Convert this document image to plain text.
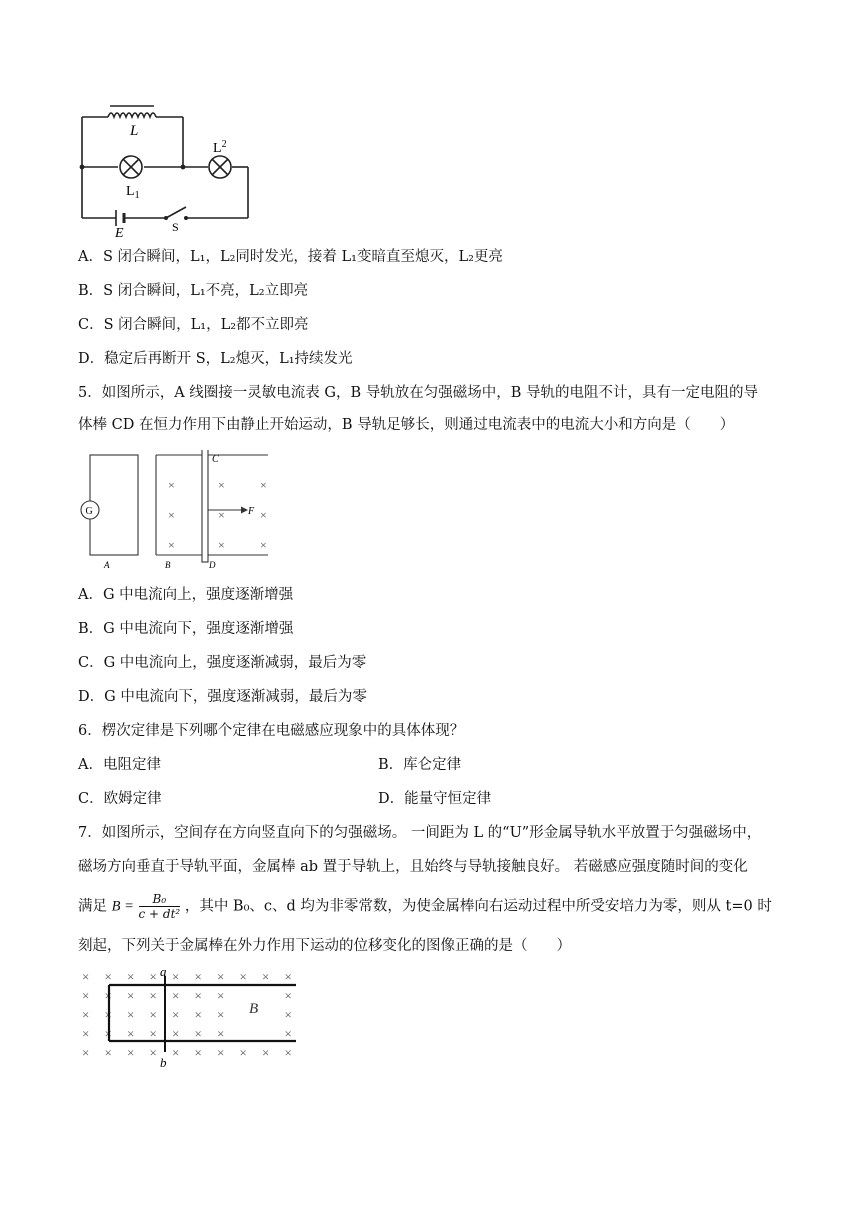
L
$L_1$
$L^2$
E	S
A．S 闭合瞬间，L₁，L₂同时发光，接着 L₁变暗直至熄灭，L₂更亮
B．S 闭合瞬间，L₁不亮，L₂立即亮
C．S 闭合瞬间，L₁，L₂都不立即亮
D．稳定后再断开 S，L₂熄灭，L₁持续发光
5．如图所示，A 线圈接一灵敏电流表 G，B 导轨放在匀强磁场中，B 导轨的电阻不计，具有一定电阻的导
体棒 CD 在恒力作用下由静止开始运动，B 导轨足够长，则通过电流表中的电流大小和方向是（　　）
G
×	×	×
×	×	×
×	×	×
C
F
A	B	D
A．G 中电流向上，强度逐渐增强
B．G 中电流向下，强度逐渐增强
C．G 中电流向上，强度逐渐减弱，最后为零
D．G 中电流向下，强度逐渐减弱，最后为零
6．楞次定律是下列哪个定律在电磁感应现象中的具体体现？
A．电阻定律	B．库仑定律
C．欧姆定律	D．能量守恒定律
7．如图所示，空间存在方向竖直向下的匀强磁场。 一间距为 L 的“U”形金属导轨水平放置于匀强磁场中，
磁场方向垂直于导轨平面，金属棒 ab 置于导轨上，且始终与导轨接触良好。 若磁感应强度随时间的变化
满足 $B = \frac{\text{B₀}}{\text{c + dt²}}$ ，其中 B₀、c、d 均为非零常数，为使金属棒向右运动过程中所受安培力为零，则从 t=0 时
刻起，下列关于金属棒在外力作用下运动的位移变化的图像正确的是（　　）
× × × × × × × × × ×
× × × × × × ×	×
× × × × × × ×	×
× × × × × × ×	×
× × × × × × × × × ×
a
b
B
